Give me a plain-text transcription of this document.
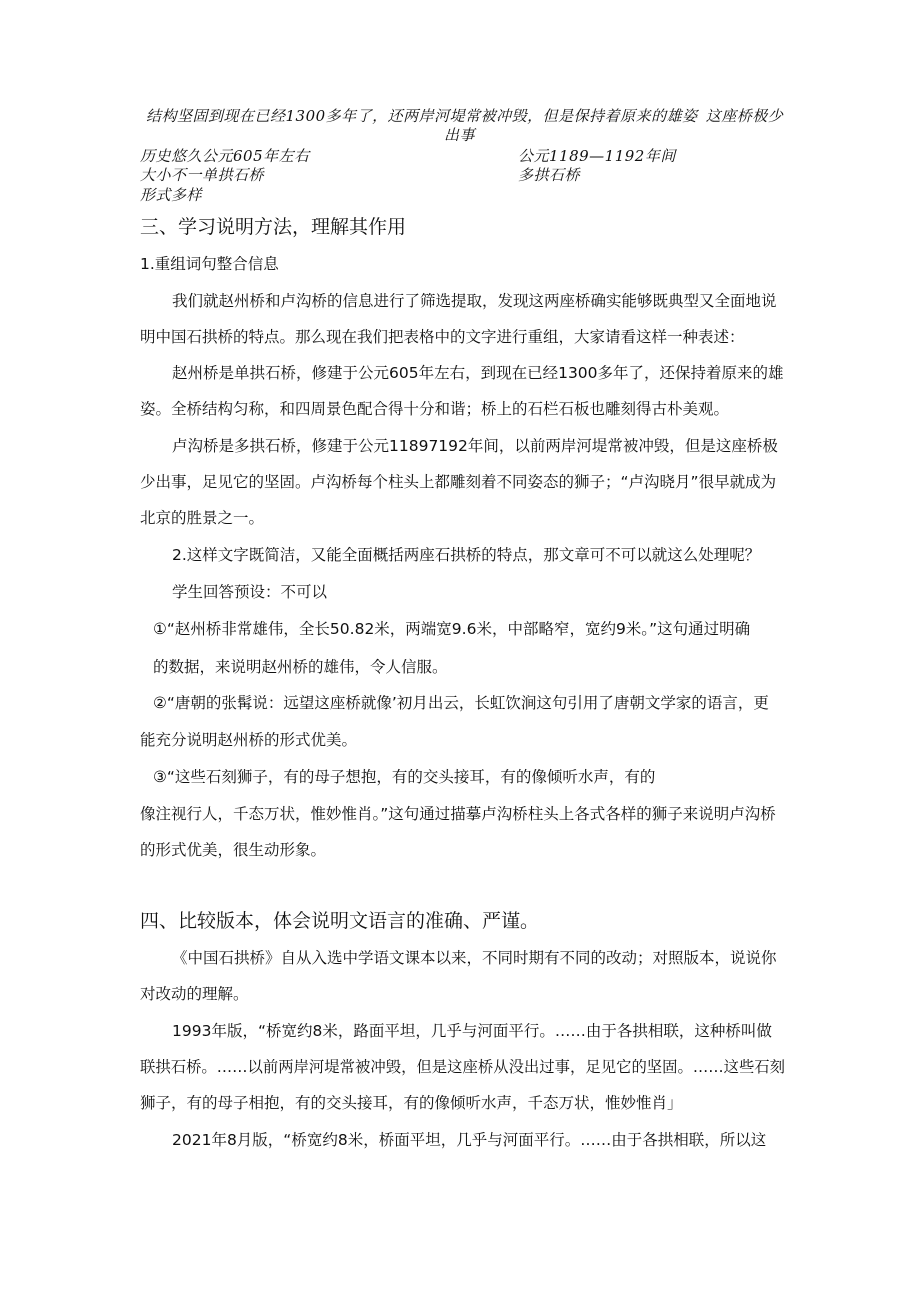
结构坚固到现在已经1300多年了，还两岸河堤常被冲毁，但是保持着原来的雄姿 这座桥极少
出事
历史悠久公元605年左右	公元1189—1192年间
大小不一单拱石桥	多拱石桥
形式多样
三、学习说明方法，理解其作用
1.重组词句整合信息
我们就赵州桥和卢沟桥的信息进行了筛选提取，发现这两座桥确实能够既典型又全面地说
明中国石拱桥的特点。那么现在我们把表格中的文字进行重组，大家请看这样一种表述：
赵州桥是单拱石桥，修建于公元605年左右，到现在已经1300多年了，还保持着原来的雄
姿。全桥结构匀称，和四周景色配合得十分和谐；桥上的石栏石板也雕刻得古朴美观。
卢沟桥是多拱石桥，修建于公元11897192年间，以前两岸河堤常被冲毁，但是这座桥极
少出事，足见它的坚固。卢沟桥每个柱头上都雕刻着不同姿态的狮子；“卢沟晓月”很早就成为
北京的胜景之一。
2.这样文字既简洁，又能全面概括两座石拱桥的特点，那文章可不可以就这么处理呢？
学生回答预设：不可以
①“赵州桥非常雄伟，全长50.82米，两端宽9.6米，中部略窄，宽约9米。”这句通过明确
的数据，来说明赵州桥的雄伟，令人信服。
②“唐朝的张髯说：远望这座桥就像’初月出云，长虹饮涧这句引用了唐朝文学家的语言，更
能充分说明赵州桥的形式优美。
③“这些石刻狮子，有的母子想抱，有的交头接耳，有的像倾听水声，有的
像注视行人，千态万状，惟妙惟肖。”这句通过描摹卢沟桥柱头上各式各样的狮子来说明卢沟桥
的形式优美，很生动形象。
四、比较版本，体会说明文语言的准确、严谨。
《中国石拱桥》自从入选中学语文课本以来，不同时期有不同的改动；对照版本，说说你
对改动的理解。
1993年版，“桥宽约8米，路面平坦，几乎与河面平行。……由于各拱相联，这种桥叫做
联拱石桥。……以前两岸河堤常被冲毁，但是这座桥从没出过事，足见它的坚固。……这些石刻
狮子，有的母子相抱，有的交头接耳，有的像倾听水声，千态万状，惟妙惟肖」
2021年8月版，“桥宽约8米，桥面平坦，几乎与河面平行。……由于各拱相联，所以这
